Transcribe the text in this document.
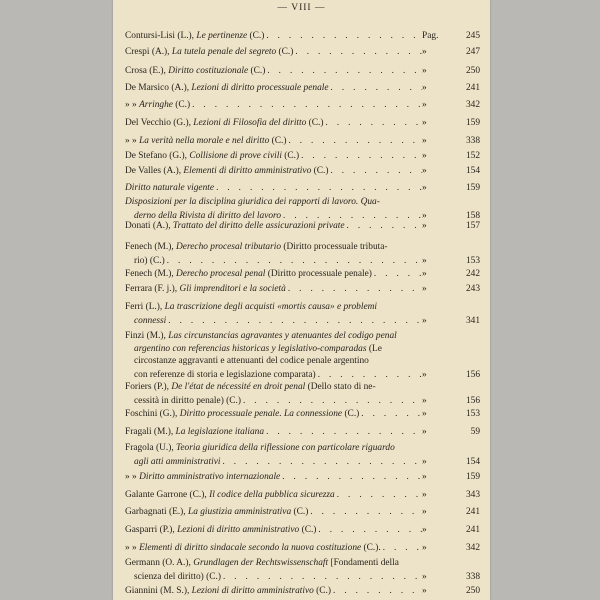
— VIII —
Contursi-Lisi (L.), Le pertinenze (C.) . . .	Pag.	245
Crespi (A.), La tutela penale del segreto (C.) . . .	»	247
Crosa (E.), Diritto costituzionale (C.) . . .	»	250
De Marsico (A.), Lezioni di diritto processuale penale . . .	»	241
» » Arringhe (C.) . . .	»	342
Del Vecchio (G.), Lezioni di Filosofia del diritto (C.) . . .	»	159
» » La verità nella morale e nel diritto (C.) . . .	»	338
De Stefano (G.), Collisione di prove civili (C.) . . .	»	152
De Valles (A.), Elementi di diritto amministrativo (C.) . . .	»	154
Diritto naturale vigente . . .	»	159
Disposizioni per la disciplina giuridica dei rapporti di lavoro. Qua-
derno della Rivista di diritto del lavoro . . .	»	158
Donati (A.), Trattato del diritto delle assicurazioni private . . .	»	157
Fenech (M.), Derecho procesal tributario (Diritto processuale tributa-
rio) (C.) . . .	»	153
Fenech (M.), Derecho procesal penal (Diritto processuale penale) . . .	»	242
Ferrara (F. j.), Gli imprenditori e la società . . .	»	243
Ferri (L.), La trascrizione degli acquisti «mortis causa» e problemi
connessi . . .	»	341
Finzi (M.), Las circunstancias agravantes y atenuantes del codigo penal
argentino con referencias historicas y legislativo-comparadas (Le
circostanze aggravanti e attenuanti del codice penale argentino
con referenze di storia e legislazione comparata) . . .	»	156
Foriers (P.), De l'état de nécessité en droit penal (Dello stato di ne-
cessità in diritto penale) (C.) . . .	»	156
Foschini (G.), Diritto processuale penale. La connessione (C.) . . .	»	153
Fragali (M.), La legislazione italiana . . .	»	59
Fragola (U.), Teoria giuridica della riflessione con particolare riguardo
agli atti amministrativi . . .	»	154
» » Diritto amministrativo internazionale . . .	»	159
Galante Garrone (C.), Il codice della pubblica sicurezza . . .	»	343
Garbagnati (E.), La giustizia amministrativa (C.) . . .	»	241
Gasparri (P.), Lezioni di diritto amministrativo (C.) . . .	»	241
» » Elementi di diritto sindacale secondo la nuova costituzione (C.). . . .	»	342
Germann (O. A.), Grundlagen der Rechtswissenschaft [Fondamenti della
scienza del diritto) (C.) . . .	»	338
Giannini (M. S.), Lezioni di diritto amministrativo (C.) . . .	»	250
